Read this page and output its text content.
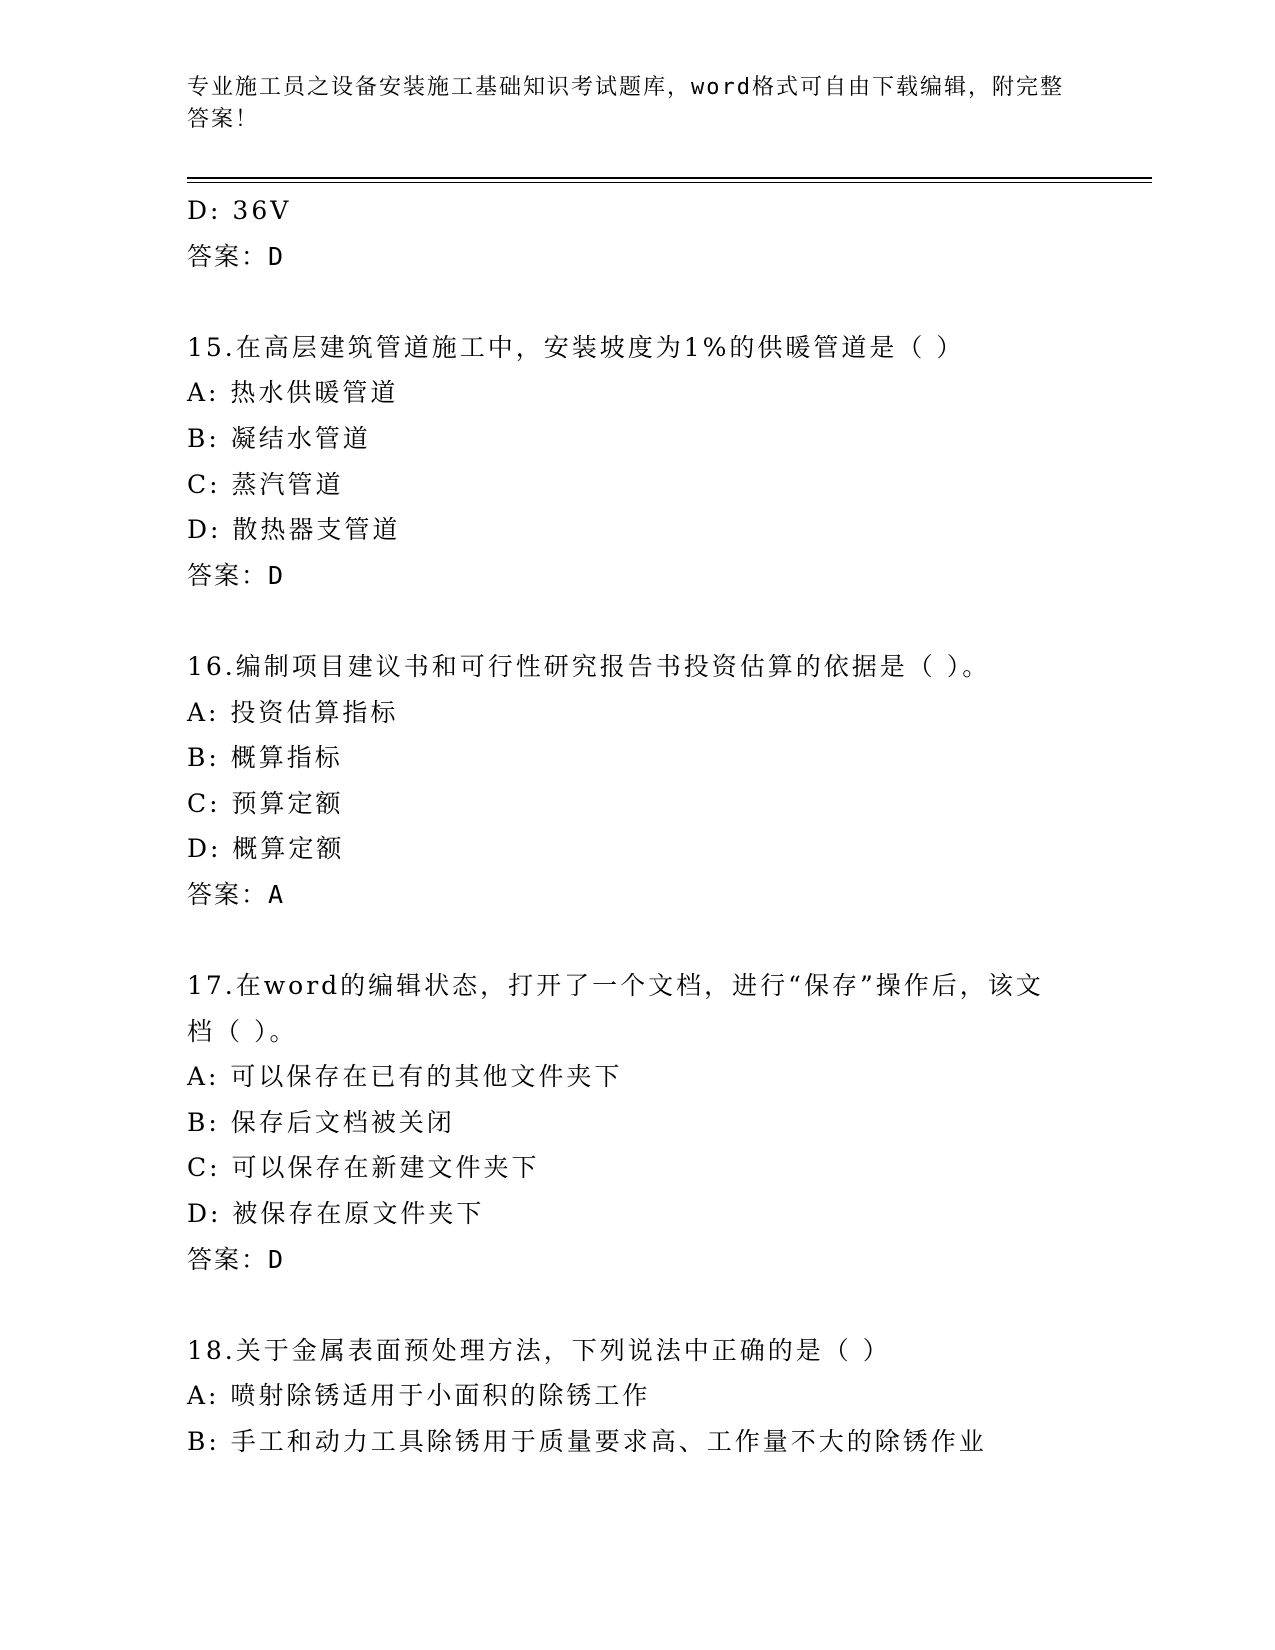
专业施工员之设备安装施工基础知识考试题库，word格式可自由下载编辑，附完整答案！
D: 36V
答案：D
15.在高层建筑管道施工中，安装坡度为1%的供暖管道是（ ）
A: 热水供暖管道
B: 凝结水管道
C: 蒸汽管道
D: 散热器支管道
答案：D
16.编制项目建议书和可行性研究报告书投资估算的依据是（ ）。
A: 投资估算指标
B: 概算指标
C: 预算定额
D: 概算定额
答案：A
17.在word的编辑状态，打开了一个文档，进行“保存”操作后，该文档（ ）。
A: 可以保存在已有的其他文件夹下
B: 保存后文档被关闭
C: 可以保存在新建文件夹下
D: 被保存在原文件夹下
答案：D
18.关于金属表面预处理方法，下列说法中正确的是（ ）
A: 喷射除锈适用于小面积的除锈工作
B: 手工和动力工具除锈用于质量要求高、工作量不大的除锈作业
